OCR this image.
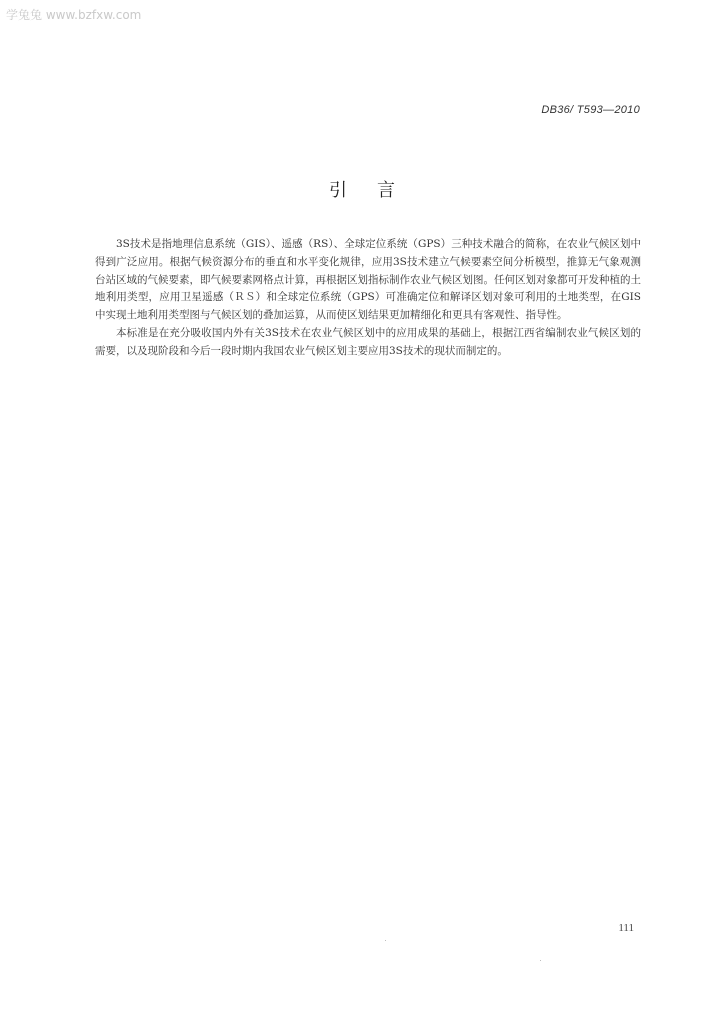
学兔兔 www.bzfxw.com
DB36/ T593—2010
引言

3S技术是指地理信息系统（GIS）、遥感（RS）、全球定位系统（GPS）三种技术融合的简称，在农业气候区划中得到广泛应用。根据气候资源分布的垂直和水平变化规律，应用3S技术建立气候要素空间分析模型，推算无气象观测台站区域的气候要素，即气候要素网格点计算，再根据区划指标制作农业气候区划图。任何区划对象都可开发种植的土地利用类型，应用卫星遥感（ＲＳ）和全球定位系统（GPS）可准确定位和解译区划对象可利用的土地类型，在GIS中实现土地利用类型图与气候区划的叠加运算，从而使区划结果更加精细化和更具有客观性、指导性。

本标准是在充分吸收国内外有关3S技术在农业气候区划中的应用成果的基础上，根据江西省编制农业气候区划的需要，以及现阶段和今后一段时期内我国农业气候区划主要应用3S技术的现状而制定的。

111
